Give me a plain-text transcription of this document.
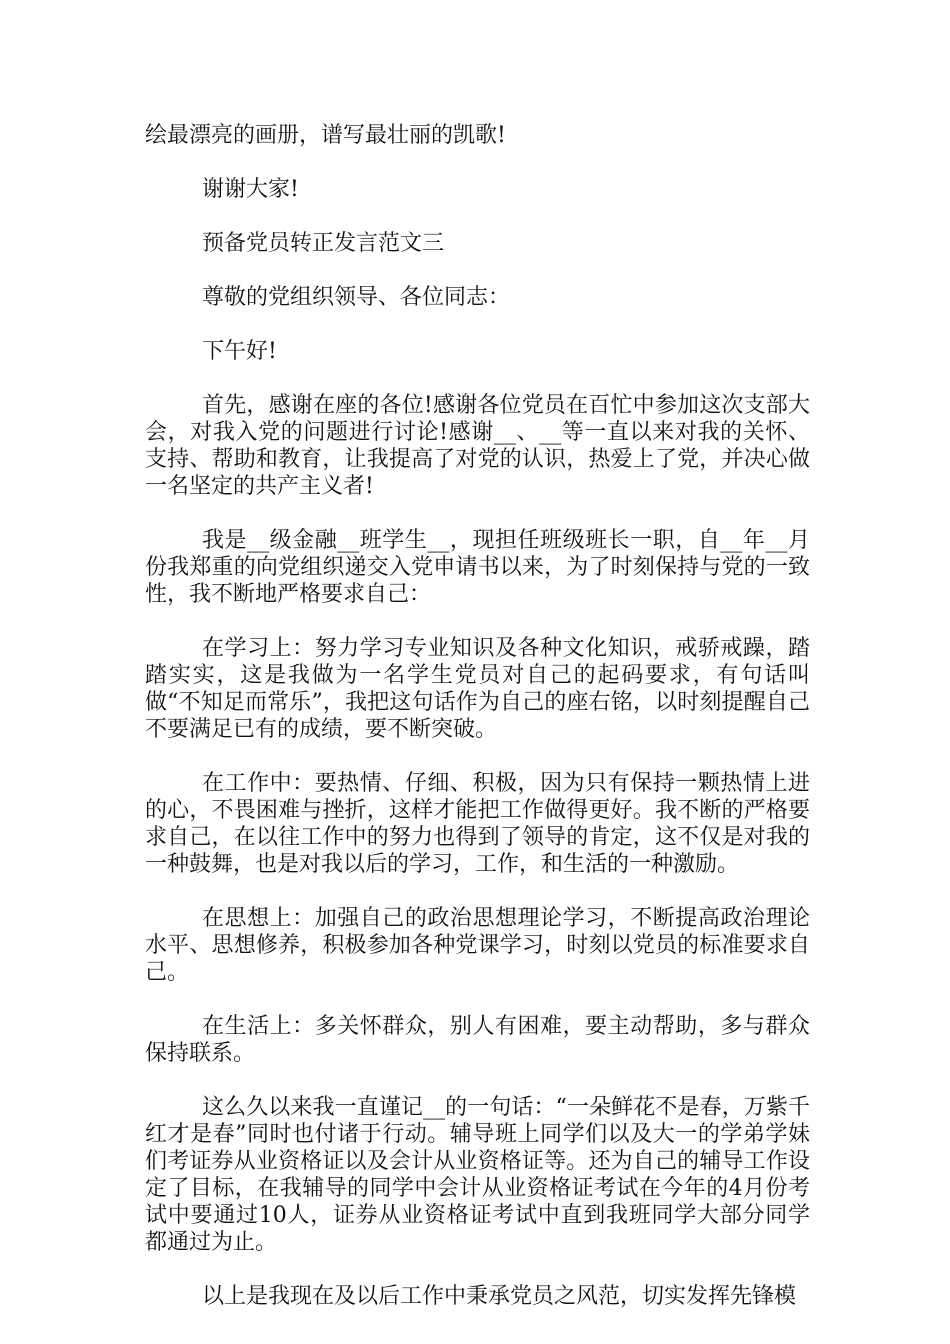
绘最漂亮的画册，谱写最壮丽的凯歌!

谢谢大家!

预备党员转正发言范文三

尊敬的党组织领导、各位同志：

下午好!

首先，感谢在座的各位!感谢各位党员在百忙中参加这次支部大会，对我入党的问题进行讨论!感谢__、__等一直以来对我的关怀、支持、帮助和教育，让我提高了对党的认识，热爱上了党，并决心做一名坚定的共产主义者!

我是__级金融__班学生__，现担任班级班长一职，自__年__月份我郑重的向党组织递交入党申请书以来，为了时刻保持与党的一致性，我不断地严格要求自己：

在学习上：努力学习专业知识及各种文化知识，戒骄戒躁，踏踏实实，这是我做为一名学生党员对自己的起码要求，有句话叫做“不知足而常乐”，我把这句话作为自己的座右铭，以时刻提醒自己不要满足已有的成绩，要不断突破。

在工作中：要热情、仔细、积极，因为只有保持一颗热情上进的心，不畏困难与挫折，这样才能把工作做得更好。我不断的严格要求自己，在以往工作中的努力也得到了领导的肯定，这不仅是对我的一种鼓舞，也是对我以后的学习，工作，和生活的一种激励。

在思想上：加强自己的政治思想理论学习，不断提高政治理论水平、思想修养，积极参加各种党课学习，时刻以党员的标准要求自己。

在生活上：多关怀群众，别人有困难，要主动帮助，多与群众保持联系。

这么久以来我一直谨记__的一句话：“一朵鲜花不是春，万紫千红才是春”同时也付诸于行动。辅导班上同学们以及大一的学弟学妹们考证券从业资格证以及会计从业资格证等。还为自己的辅导工作设定了目标，在我辅导的同学中会计从业资格证考试在今年的4月份考试中要通过10人，证券从业资格证考试中直到我班同学大部分同学都通过为止。

以上是我现在及以后工作中秉承党员之风范，切实发挥先锋模
